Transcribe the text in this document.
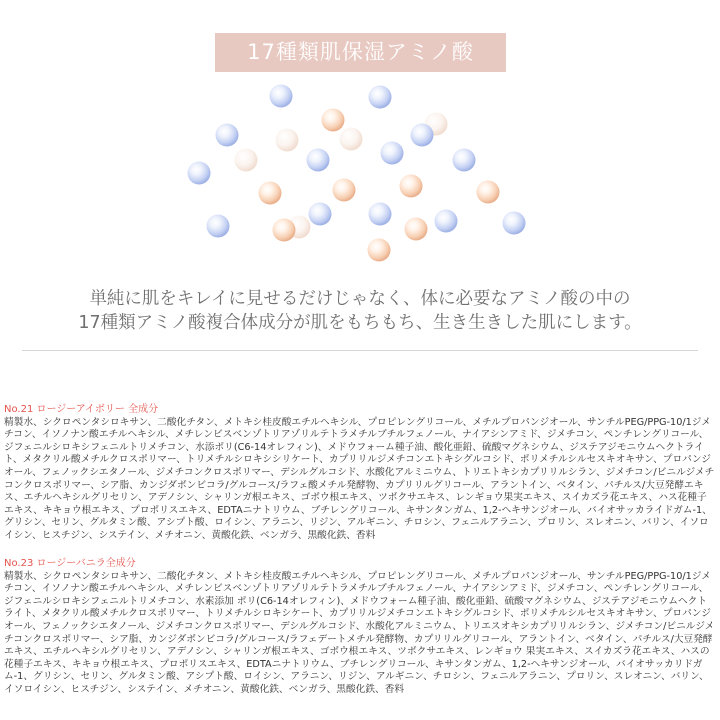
17種類肌保湿アミノ酸
単純に肌をキレイに見せるだけじゃなく、体に必要なアミノ酸の中の
17種類アミノ酸複合体成分が肌をもちもち、生き生きした肌にします。
No.21 ロージーアイボリー 全成分
精製水、シクロペンタシロキサン、二酸化チタン、メトキシ桂皮酸エチルヘキシル、プロピレングリコール、メチルプロパンジオール、サンチルPEG/PPG-10/1ジメチコン、イソノナン酸エチルヘキシル、メチレンビスベンゾトリアゾリルテトラメチルブチルフェノール、ナイアシンアミド、ジメチコン、ペンチレングリコール、ジフェニルシロキシフェニルトリメチコン、水添ポリ(C6-14オレフィン)、メドウフォーム種子油、酸化亜鉛、硫酸マグネシウム、ジステアジモニウムヘクトライト、メタクリル酸メチルクロスポリマー、トリメチルシロキシシリケート、カプリリルジメチコンエトキシグルコシド、ポリメチルシルセスキオキサン、プロパンジオール、フェノックシエタノール、ジメチコンクロスポリマー、デシルグルコシド、水酸化アルミニウム、トリエトキシカプリリルシラン、ジメチコン/ビニルジメチコンクロスポリマー、シア脂、カンジダボンビコラ/グルコース/ラフェ酸メチル発酵物、カプリリルグリコール、アラントイン、ベタイン、パチルス/大豆発酵エキス、エチルヘキシルグリセリン、アデノシン、シャリンガ根エキス、ゴボウ根エキス、ツボクサエキス、レンギョウ果実エキス、スイカズラ花エキス、ハス花種子エキス、キキョウ根エキス、プロポリスエキス、EDTAニナトリウム、ブチレングリコール、キサンタンガム、1,2-ヘキサンジオール、バイオサッカライドガム-1、グリシン、セリン、グルタミン酸、アシプト酸、ロイシン、アラニン、リジン、アルギニン、チロシン、フェニルアラニン、プロリン、スレオニン、バリン、イソロイシン、ヒスチジン、システイン、メチオニン、黄酸化鉄、ベンガラ、黒酸化鉄、香料
No.23 ロージーバニラ全成分
精製水、シクロペンタシロキサン、二酸化チタン、メトキシ桂皮酸エチルヘキシル、プロピレングリコール、メチルプロパンジオール、サンチルPEG/PPG-10/1ジメチコン、イソノナン酸エチルヘキシル、メチレンビスベンゾトリアゾリルテトラメチルブチルフェノール、ナイアシンアミド、ジメチコン、ペンチレングリコール、ジフェニルシロキシフェニルトリメチコン、水素添加 ポリ(C6-14オレフィン)、メドウフォーム種子油、酸化亜鉛、硫酸マグネシウム、ジステアジモニウムヘクトライト、メタクリル酸メチルクロスポリマー、トリメチルシロキシケート、カプリリルジメチコンエトキシグルコシド、ポリメチルシルセスキオキサン、プロパンジオール、フェノックシエタノール、ジメチコンクロスポリマー、デシルグルコシド、水酸化アルミニウム、トリエスオキシカプリリルシラン、ジメチコン/ビニルジメチコンクロスポリマー、シア脂、カンジダボンビコラ/グルコース/ラフェデートメチル発酵物、カプリリルグリコール、アラントイン、ベタイン、パチルス/大豆発酵エキス、エチルヘキシルグリセリン、アデノシン、シャリンガ根エキス、ゴボウ根エキス、ツボクサエキス、レンギョウ 果実エキス、スイカズラ花エキス、ハスの花種子エキス、キキョウ根エキス、プロポリスエキス、EDTAニナトリウム、ブチレングリコール、キサンタンガム、1,2-ヘキサンジオール、バイオサッカリドガム-1、グリシン、セリン、グルタミン酸、アシプト酸、ロイシン、アラニン、リジン、アルギニン、チロシン、フェニルアラニン、プロリン、スレオニン、バリン、イソロイシン、ヒスチジン、システイン、メチオニン、黄酸化鉄、ベンガラ、黒酸化鉄、香料
